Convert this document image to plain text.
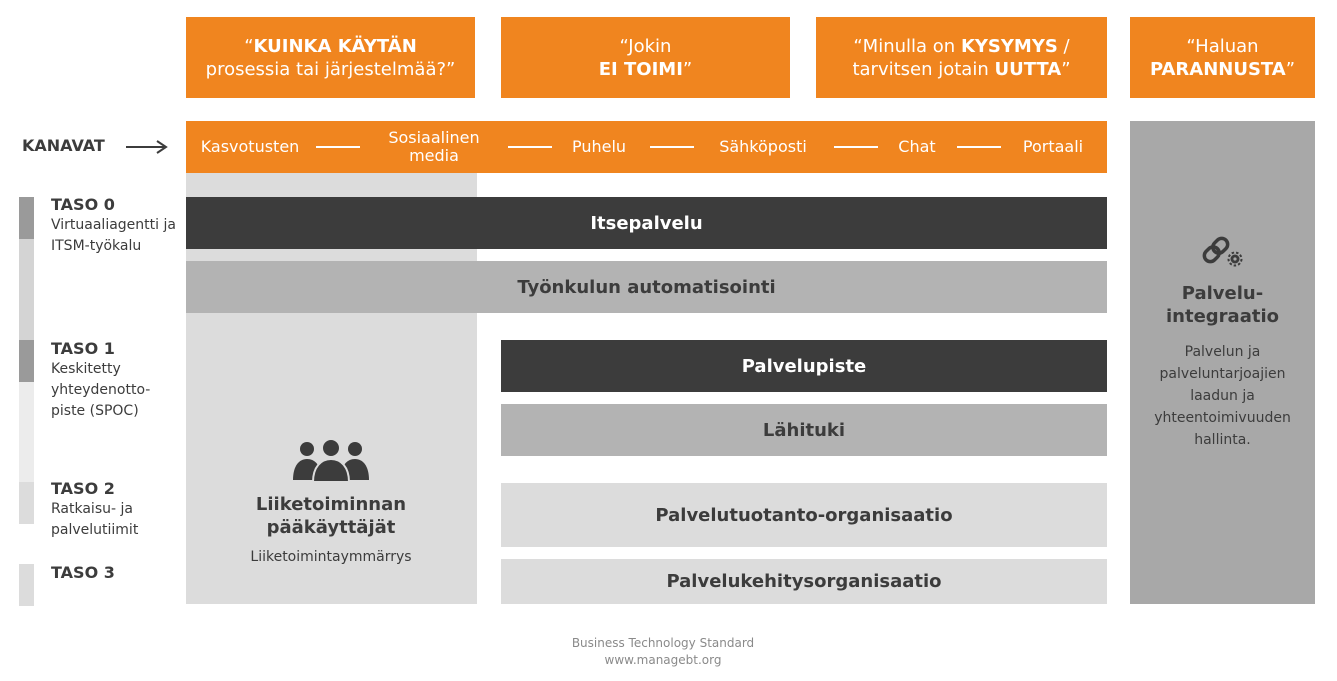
“KUINKA KÄYTÄN
prosessia tai järjestelmää?”
“Jokin
EI TOIMI”
“Minulla on KYSYMYS /
tarvitsen jotain UUTTA”
“Haluan
PARANNUSTA”
KANAVAT	Kasvotusten	Sosiaalinen media	Puhelu	Sähköposti	Chat	Portaali
Itsepalvelu
Työnkulun automatisointi
Palvelupiste
Lähituki
Palvelutuotanto-organisaatio
Palvelukehitysorganisaatio
Liiketoiminnan pääkäyttäjät
Liiketoimintaymmärrys
Palvelu-integraatio
Palvelun ja palveluntarjoajien laadun ja yhteentoimivuuden hallinta.
TASO 0
Virtuaaliagentti ja ITSM-työkalu
TASO 1
Keskitetty yhteydenotto-piste (SPOC)
TASO 2
Ratkaisu- ja palvelutiimit
TASO 3
Business Technology Standard
www.managebt.org
